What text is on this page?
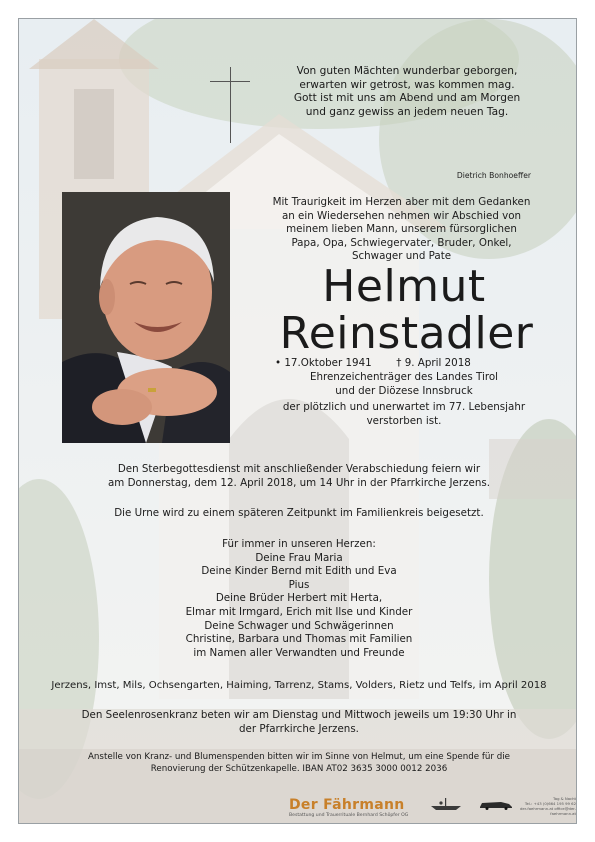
Von guten Mächten wunderbar geborgen,
erwarten wir getrost, was kommen mag.
Gott ist mit uns am Abend und am Morgen
und ganz gewiss an jedem neuen Tag.
Dietrich Bonhoeffer
Mit Traurigkeit im Herzen aber mit dem Gedanken
an ein Wiedersehen nehmen wir Abschied von
meinem lieben Mann, unserem fürsorglichen
Papa, Opa, Schwiegervater, Bruder, Onkel,
Schwager und Pate
Helmut
Reinstadler
• 17.Oktober 1941 † 9. April 2018
Ehrenzeichenträger des Landes Tirol
und der Diözese Innsbruck
der plötzlich und unerwartet im 77. Lebensjahr
verstorben ist.
Den Sterbegottesdienst mit anschließender Verabschiedung feiern wir
am Donnerstag, dem 12. April 2018, um 14 Uhr in der Pfarrkirche Jerzens.
Die Urne wird zu einem späteren Zeitpunkt im Familienkreis beigesetzt.
Für immer in unseren Herzen:
Deine Frau Maria
Deine Kinder Bernd mit Edith und Eva
Pius
Deine Brüder Herbert mit Herta,
Elmar mit Irmgard, Erich mit Ilse und Kinder
Deine Schwager und Schwägerinnen
Christine, Barbara und Thomas mit Familien
im Namen aller Verwandten und Freunde
Jerzens, Imst, Mils, Ochsengarten, Haiming, Tarrenz, Stams, Volders, Rietz und Telfs, im April 2018
Den Seelenrosenkranz beten wir am Dienstag und Mittwoch jeweils um 19:30 Uhr in
der Pfarrkirche Jerzens.
Anstelle von Kranz- und Blumenspenden bitten wir im Sinne von Helmut, um eine Spende für die
Renovierung der Schützenkapelle. IBAN AT02 3635 3000 0012 2036
Der Fährmann
Bestattung und Trauerrituale Bernhard Schöpfer OG
Tag & Nacht
Tel.: +43 (0)664 195 99 62
der-faehrmann.at office@der-faehrmann.at
